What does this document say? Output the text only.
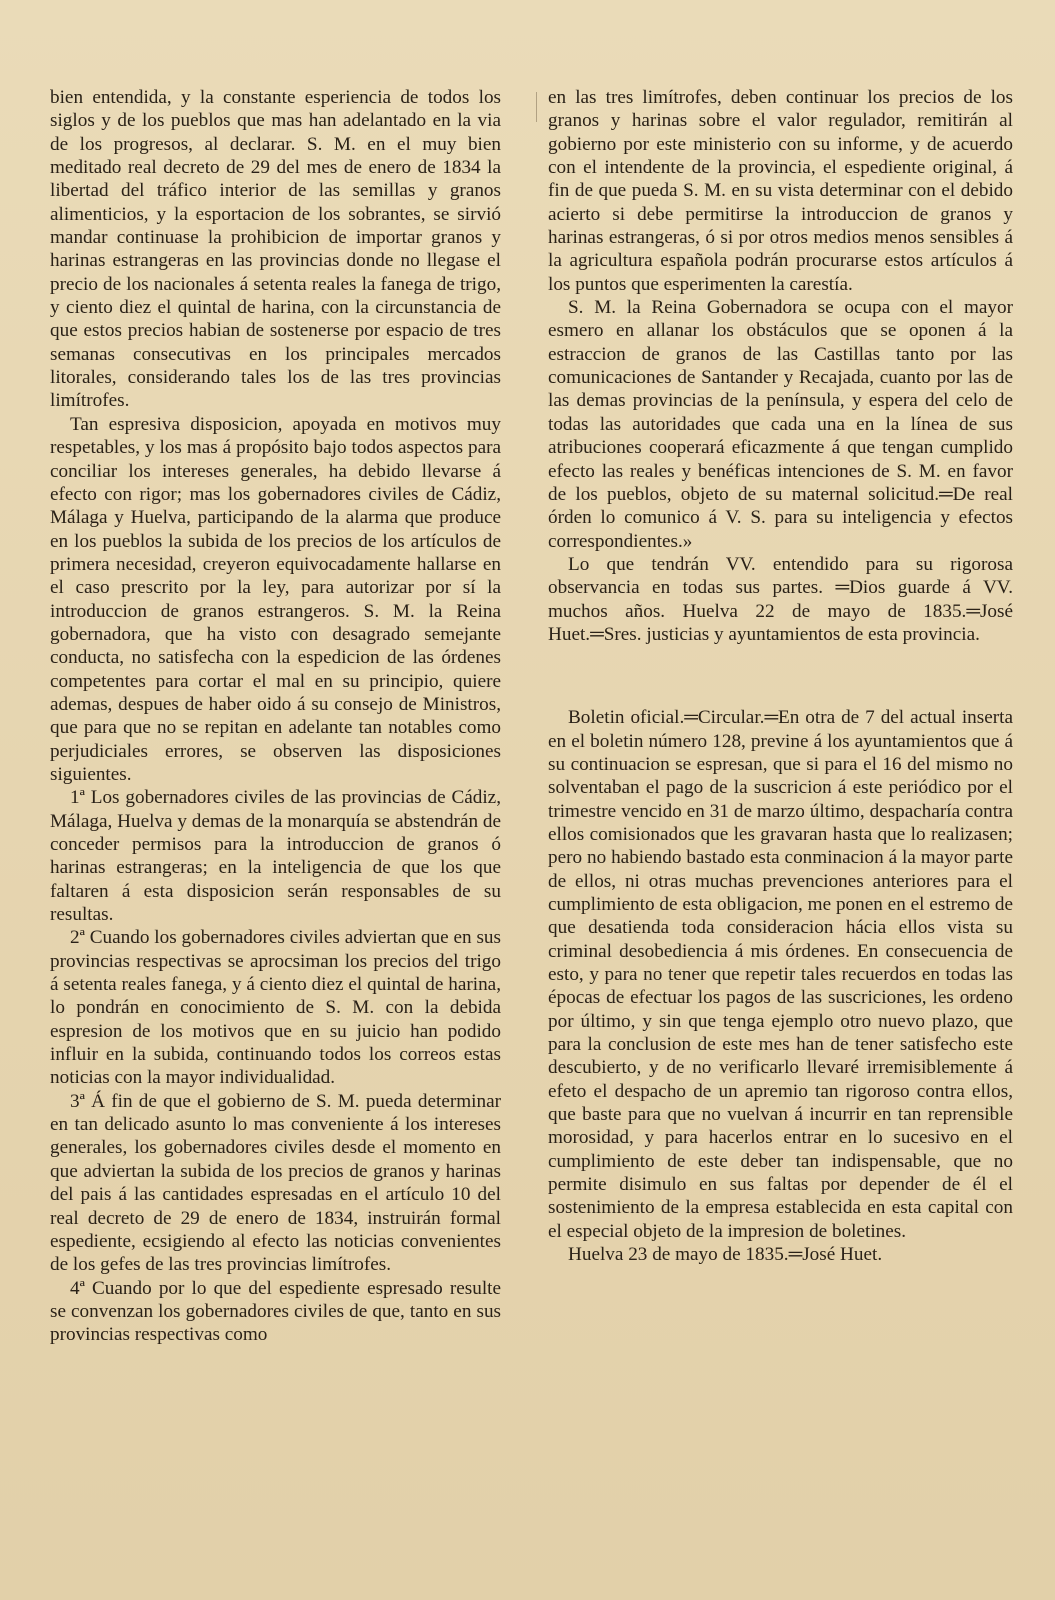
bien entendida, y la constante esperiencia de todos los siglos y de los pueblos que mas han adelantado en la via de los progresos, al declarar. S. M. en el muy bien meditado real decreto de 29 del mes de enero de 1834 la libertad del tráfico interior de las semillas y granos alimenticios, y la esportacion de los sobrantes, se sirvió mandar continuase la prohibicion de importar granos y harinas estrangeras en las provincias donde no llegase el precio de los nacionales á setenta reales la fanega de trigo, y ciento diez el quintal de harina, con la circunstancia de que estos precios habian de sostenerse por espacio de tres semanas consecutivas en los principales mercados litorales, considerando tales los de las tres provincias limítrofes.

Tan espresiva disposicion, apoyada en motivos muy respetables, y los mas á propósito bajo todos aspectos para conciliar los intereses generales, ha debido llevarse á efecto con rigor; mas los gobernadores civiles de Cádiz, Málaga y Huelva, participando de la alarma que produce en los pueblos la subida de los precios de los artículos de primera necesidad, creyeron equivocadamente hallarse en el caso prescrito por la ley, para autorizar por sí la introduccion de granos estrangeros. S. M. la Reina gobernadora, que ha visto con desagrado semejante conducta, no satisfecha con la espedicion de las órdenes competentes para cortar el mal en su principio, quiere ademas, despues de haber oido á su consejo de Ministros, que para que no se repitan en adelante tan notables como perjudiciales errores, se observen las disposiciones siguientes.

1ª Los gobernadores civiles de las provincias de Cádiz, Málaga, Huelva y demas de la monarquía se abstendrán de conceder permisos para la introduccion de granos ó harinas estrangeras; en la inteligencia de que los que faltaren á esta disposicion serán responsables de su resultas.

2ª Cuando los gobernadores civiles adviertan que en sus provincias respectivas se aprocsiman los precios del trigo á setenta reales fanega, y á ciento diez el quintal de harina, lo pondrán en conocimiento de S. M. con la debida espresion de los motivos que en su juicio han podido influir en la subida, continuando todos los correos estas noticias con la mayor individualidad.

3ª Á fin de que el gobierno de S. M. pueda determinar en tan delicado asunto lo mas conveniente á los intereses generales, los gobernadores civiles desde el momento en que adviertan la subida de los precios de granos y harinas del pais á las cantidades espresadas en el artículo 10 del real decreto de 29 de enero de 1834, instruirán formal espediente, ecsigiendo al efecto las noticias convenientes de los gefes de las tres provincias limítrofes.

4ª Cuando por lo que del espediente espresado resulte se convenzan los gobernadores civiles de que, tanto en sus provincias respectivas como

en las tres limítrofes, deben continuar los precios de los granos y harinas sobre el valor regulador, remitirán al gobierno por este ministerio con su informe, y de acuerdo con el intendente de la provincia, el espediente original, á fin de que pueda S. M. en su vista determinar con el debido acierto si debe permitirse la introduccion de granos y harinas estrangeras, ó si por otros medios menos sensibles á la agricultura española podrán procurarse estos artículos á los puntos que esperimenten la carestía.

S. M. la Reina Gobernadora se ocupa con el mayor esmero en allanar los obstáculos que se oponen á la estraccion de granos de las Castillas tanto por las comunicaciones de Santander y Recajada, cuanto por las de las demas provincias de la península, y espera del celo de todas las autoridades que cada una en la línea de sus atribuciones cooperará eficazmente á que tengan cumplido efecto las reales y benéficas intenciones de S. M. en favor de los pueblos, objeto de su maternal solicitud.═De real órden lo comunico á V. S. para su inteligencia y efectos correspondientes.»

Lo que tendrán VV. entendido para su rigorosa observancia en todas sus partes. ═Dios guarde á VV. muchos años. Huelva 22 de mayo de 1835.═José Huet.═Sres. justicias y ayuntamientos de esta provincia.

Boletin oficial.═Circular.═En otra de 7 del actual inserta en el boletin número 128, previne á los ayuntamientos que á su continuacion se espresan, que si para el 16 del mismo no solventaban el pago de la suscricion á este periódico por el trimestre vencido en 31 de marzo último, despacharía contra ellos comisionados que les gravaran hasta que lo realizasen; pero no habiendo bastado esta conminacion á la mayor parte de ellos, ni otras muchas prevenciones anteriores para el cumplimiento de esta obligacion, me ponen en el estremo de que desatienda toda consideracion hácia ellos vista su criminal desobediencia á mis órdenes. En consecuencia de esto, y para no tener que repetir tales recuerdos en todas las épocas de efectuar los pagos de las suscriciones, les ordeno por último, y sin que tenga ejemplo otro nuevo plazo, que para la conclusion de este mes han de tener satisfecho este descubierto, y de no verificarlo llevaré irremisiblemente á efeto el despacho de un apremio tan rigoroso contra ellos, que baste para que no vuelvan á incurrir en tan reprensible morosidad, y para hacerlos entrar en lo sucesivo en el cumplimiento de este deber tan indispensable, que no permite disimulo en sus faltas por depender de él el sostenimiento de la empresa establecida en esta capital con el especial objeto de la impresion de boletines.

Huelva 23 de mayo de 1835.═José Huet.
